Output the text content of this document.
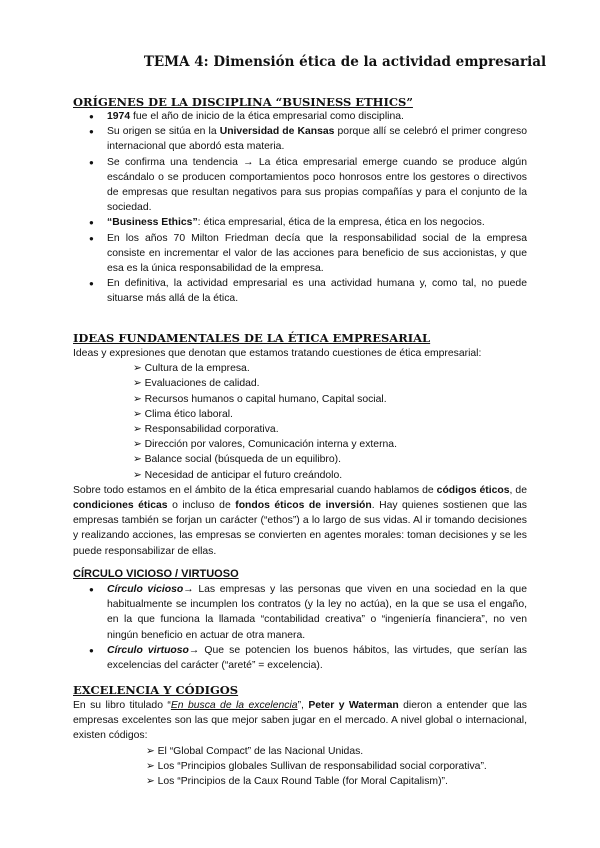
TEMA 4: Dimensión ética de la actividad empresarial
ORÍGENES DE LA DISCIPLINA “BUSINESS ETHICS”
● 1974 fue el año de inicio de la ética empresarial como disciplina.
● Su origen se sitúa en la Universidad de Kansas porque allí se celebró el primer congreso internacional que abordó esta materia.
● Se confirma una tendencia → La ética empresarial emerge cuando se produce algún escándalo o se producen comportamientos poco honrosos entre los gestores o directivos de empresas que resultan negativos para sus propias compañías y para el conjunto de la sociedad.
● “Business Ethics”: ética empresarial, ética de la empresa, ética en los negocios.
● En los años 70 Milton Friedman decía que la responsabilidad social de la empresa consiste en incrementar el valor de las acciones para beneficio de sus accionistas, y que esa es la única responsabilidad de la empresa.
● En definitiva, la actividad empresarial es una actividad humana y, como tal, no puede situarse más allá de la ética.
IDEAS FUNDAMENTALES DE LA ÉTICA EMPRESARIAL
Ideas y expresiones que denotan que estamos tratando cuestiones de ética empresarial:
➢ Cultura de la empresa.
➢ Evaluaciones de calidad.
➢ Recursos humanos o capital humano, Capital social.
➢ Clima ético laboral.
➢ Responsabilidad corporativa.
➢ Dirección por valores, Comunicación interna y externa.
➢ Balance social (búsqueda de un equilibro).
➢ Necesidad de anticipar el futuro creándolo.
Sobre todo estamos en el ámbito de la ética empresarial cuando hablamos de códigos éticos, de condiciones éticas o incluso de fondos éticos de inversión. Hay quienes sostienen que las empresas también se forjan un carácter (“ethos”) a lo largo de sus vidas. Al ir tomando decisiones y realizando acciones, las empresas se convierten en agentes morales: toman decisiones y se les puede responsabilizar de ellas.
CÍRCULO VICIOSO / VIRTUOSO
● Círculo vicioso→ Las empresas y las personas que viven en una sociedad en la que habitualmente se incumplen los contratos (y la ley no actúa), en la que se usa el engaño, en la que funciona la llamada “contabilidad creativa” o “ingeniería financiera”, no ven ningún beneficio en actuar de otra manera.
● Círculo virtuoso→ Que se potencien los buenos hábitos, las virtudes, que serían las excelencias del carácter (“areté” = excelencia).
EXCELENCIA Y CÓDIGOS
En su libro titulado “En busca de la excelencia”, Peter y Waterman dieron a entender que las empresas excelentes son las que mejor saben jugar en el mercado. A nivel global o internacional, existen códigos:
➢ El “Global Compact” de las Nacional Unidas.
➢ Los “Principios globales Sullivan de responsabilidad social corporativa”.
➢ Los “Principios de la Caux Round Table (for Moral Capitalism)”.
